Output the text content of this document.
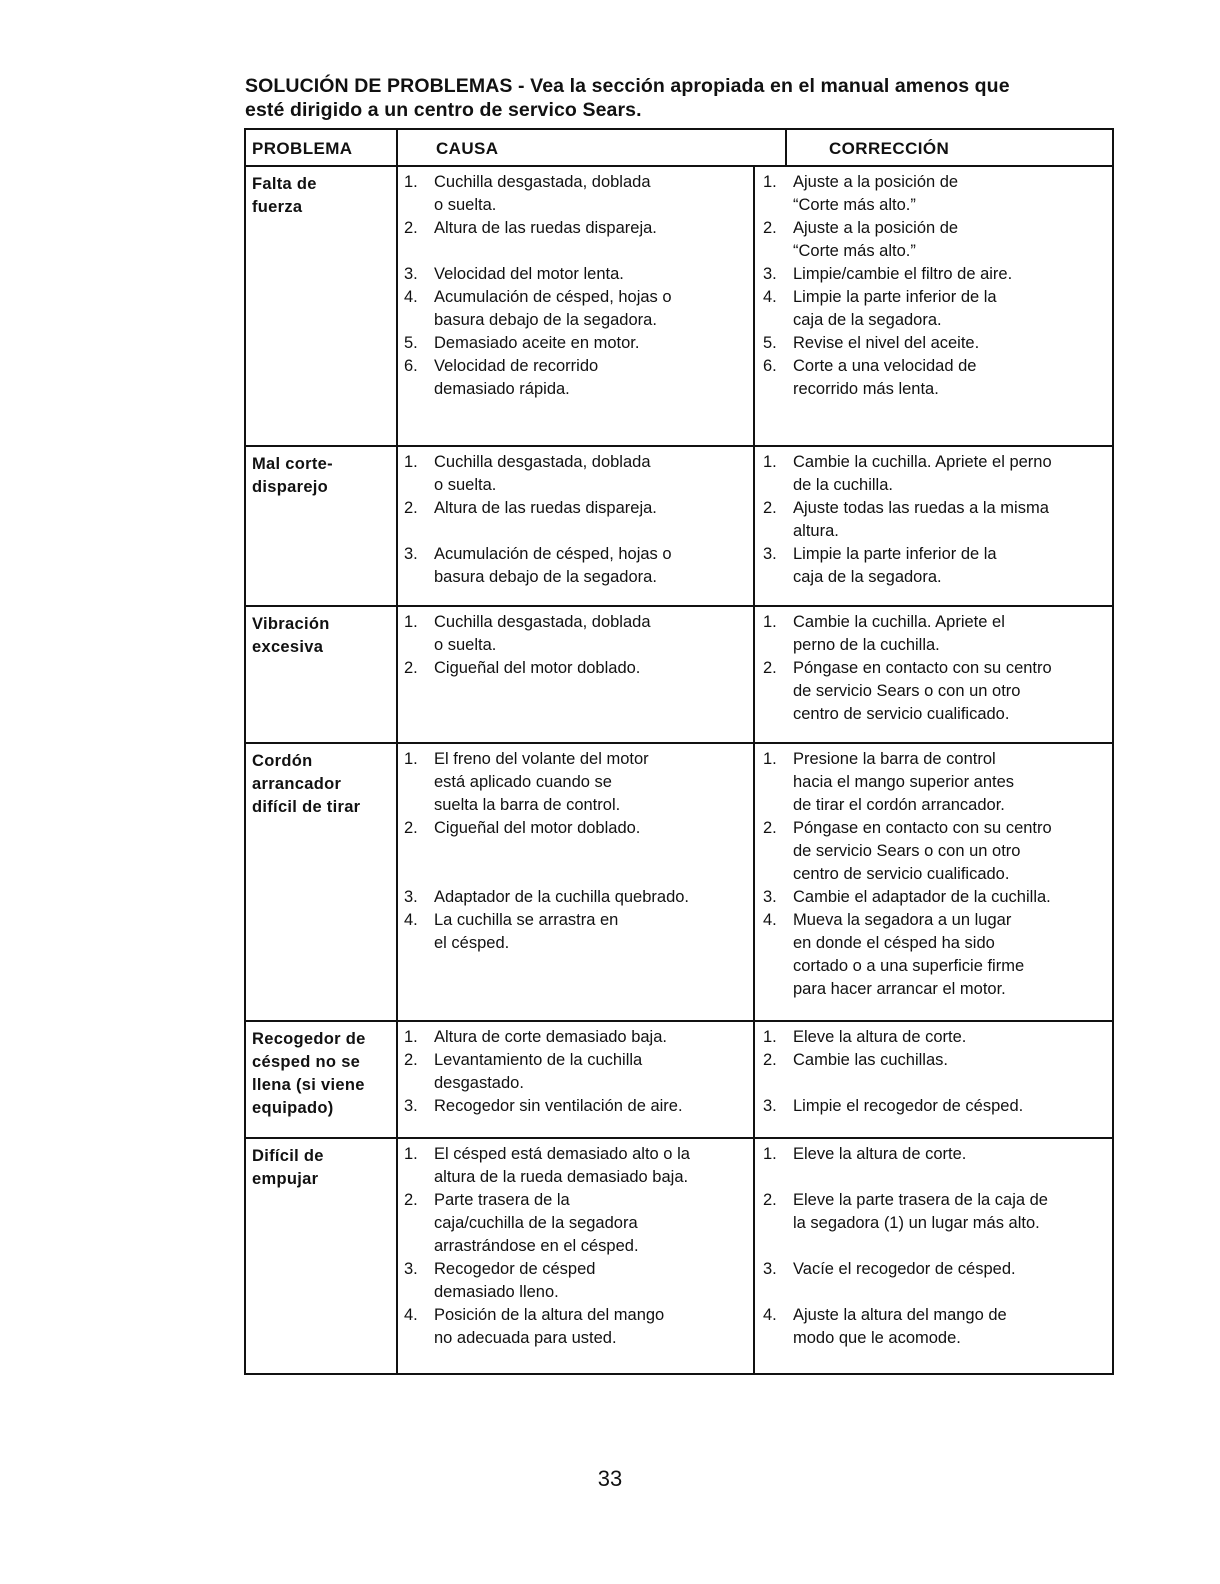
SOLUCIÓN DE PROBLEMAS - Vea la sección apropiada en el manual amenos que
esté dirigido a un centro de servico Sears.
PROBLEMA	CAUSA	CORRECCIÓN
Falta de
fuerza
1. Cuchilla desgastada, doblada
o suelta.
2. Altura de las ruedas dispareja.
3. Velocidad del motor lenta.
4. Acumulación de césped, hojas o
basura debajo de la segadora.
5. Demasiado aceite en motor.
6. Velocidad de recorrido
demasiado rápida.
1. Ajuste a la posición de
“Corte más alto.”
2. Ajuste a la posición de
“Corte más alto.”
3. Limpie/cambie el filtro de aire.
4. Limpie la parte inferior de la
caja de la segadora.
5. Revise el nivel del aceite.
6. Corte a una velocidad de
recorrido más lenta.
Mal corte-
disparejo
1. Cuchilla desgastada, doblada
o suelta.
2. Altura de las ruedas dispareja.
3. Acumulación de césped, hojas o
basura debajo de la segadora.
1. Cambie la cuchilla. Apriete el perno
de la cuchilla.
2. Ajuste todas las ruedas a la misma
altura.
3. Limpie la parte inferior de la
caja de la segadora.
Vibración
excesiva
1. Cuchilla desgastada, doblada
o suelta.
2. Cigueñal del motor doblado.
1. Cambie la cuchilla. Apriete el
perno de la cuchilla.
2. Póngase en contacto con su centro
de servicio Sears o con un otro
centro de servicio cualificado.
Cordón
arrancador
difícil de tirar
1. El freno del volante del motor
está aplicado cuando se
suelta la barra de control.
2. Cigueñal del motor doblado.
3. Adaptador de la cuchilla quebrado.
4. La cuchilla se arrastra en
el césped.
1. Presione la barra de control
hacia el mango superior antes
de tirar el cordón arrancador.
2. Póngase en contacto con su centro
de servicio Sears o con un otro
centro de servicio cualificado.
3. Cambie el adaptador de la cuchilla.
4. Mueva la segadora a un lugar
en donde el césped ha sido
cortado o a una superficie firme
para hacer arrancar el motor.
Recogedor de
césped no se
llena (si viene
equipado)
1. Altura de corte demasiado baja.
2. Levantamiento de la cuchilla
desgastado.
3. Recogedor sin ventilación de aire.
1. Eleve la altura de corte.
2. Cambie las cuchillas.
3. Limpie el recogedor de césped.
Difícil de
empujar
1. El césped está demasiado alto o la
altura de la rueda demasiado baja.
2. Parte trasera de la
caja/cuchilla de la segadora
arrastrándose en el césped.
3. Recogedor de césped
demasiado lleno.
4. Posición de la altura del mango
no adecuada para usted.
1. Eleve la altura de corte.
2. Eleve la parte trasera de la caja de
la segadora (1) un lugar más alto.
3. Vacíe el recogedor de césped.
4. Ajuste la altura del mango de
modo que le acomode.
33
